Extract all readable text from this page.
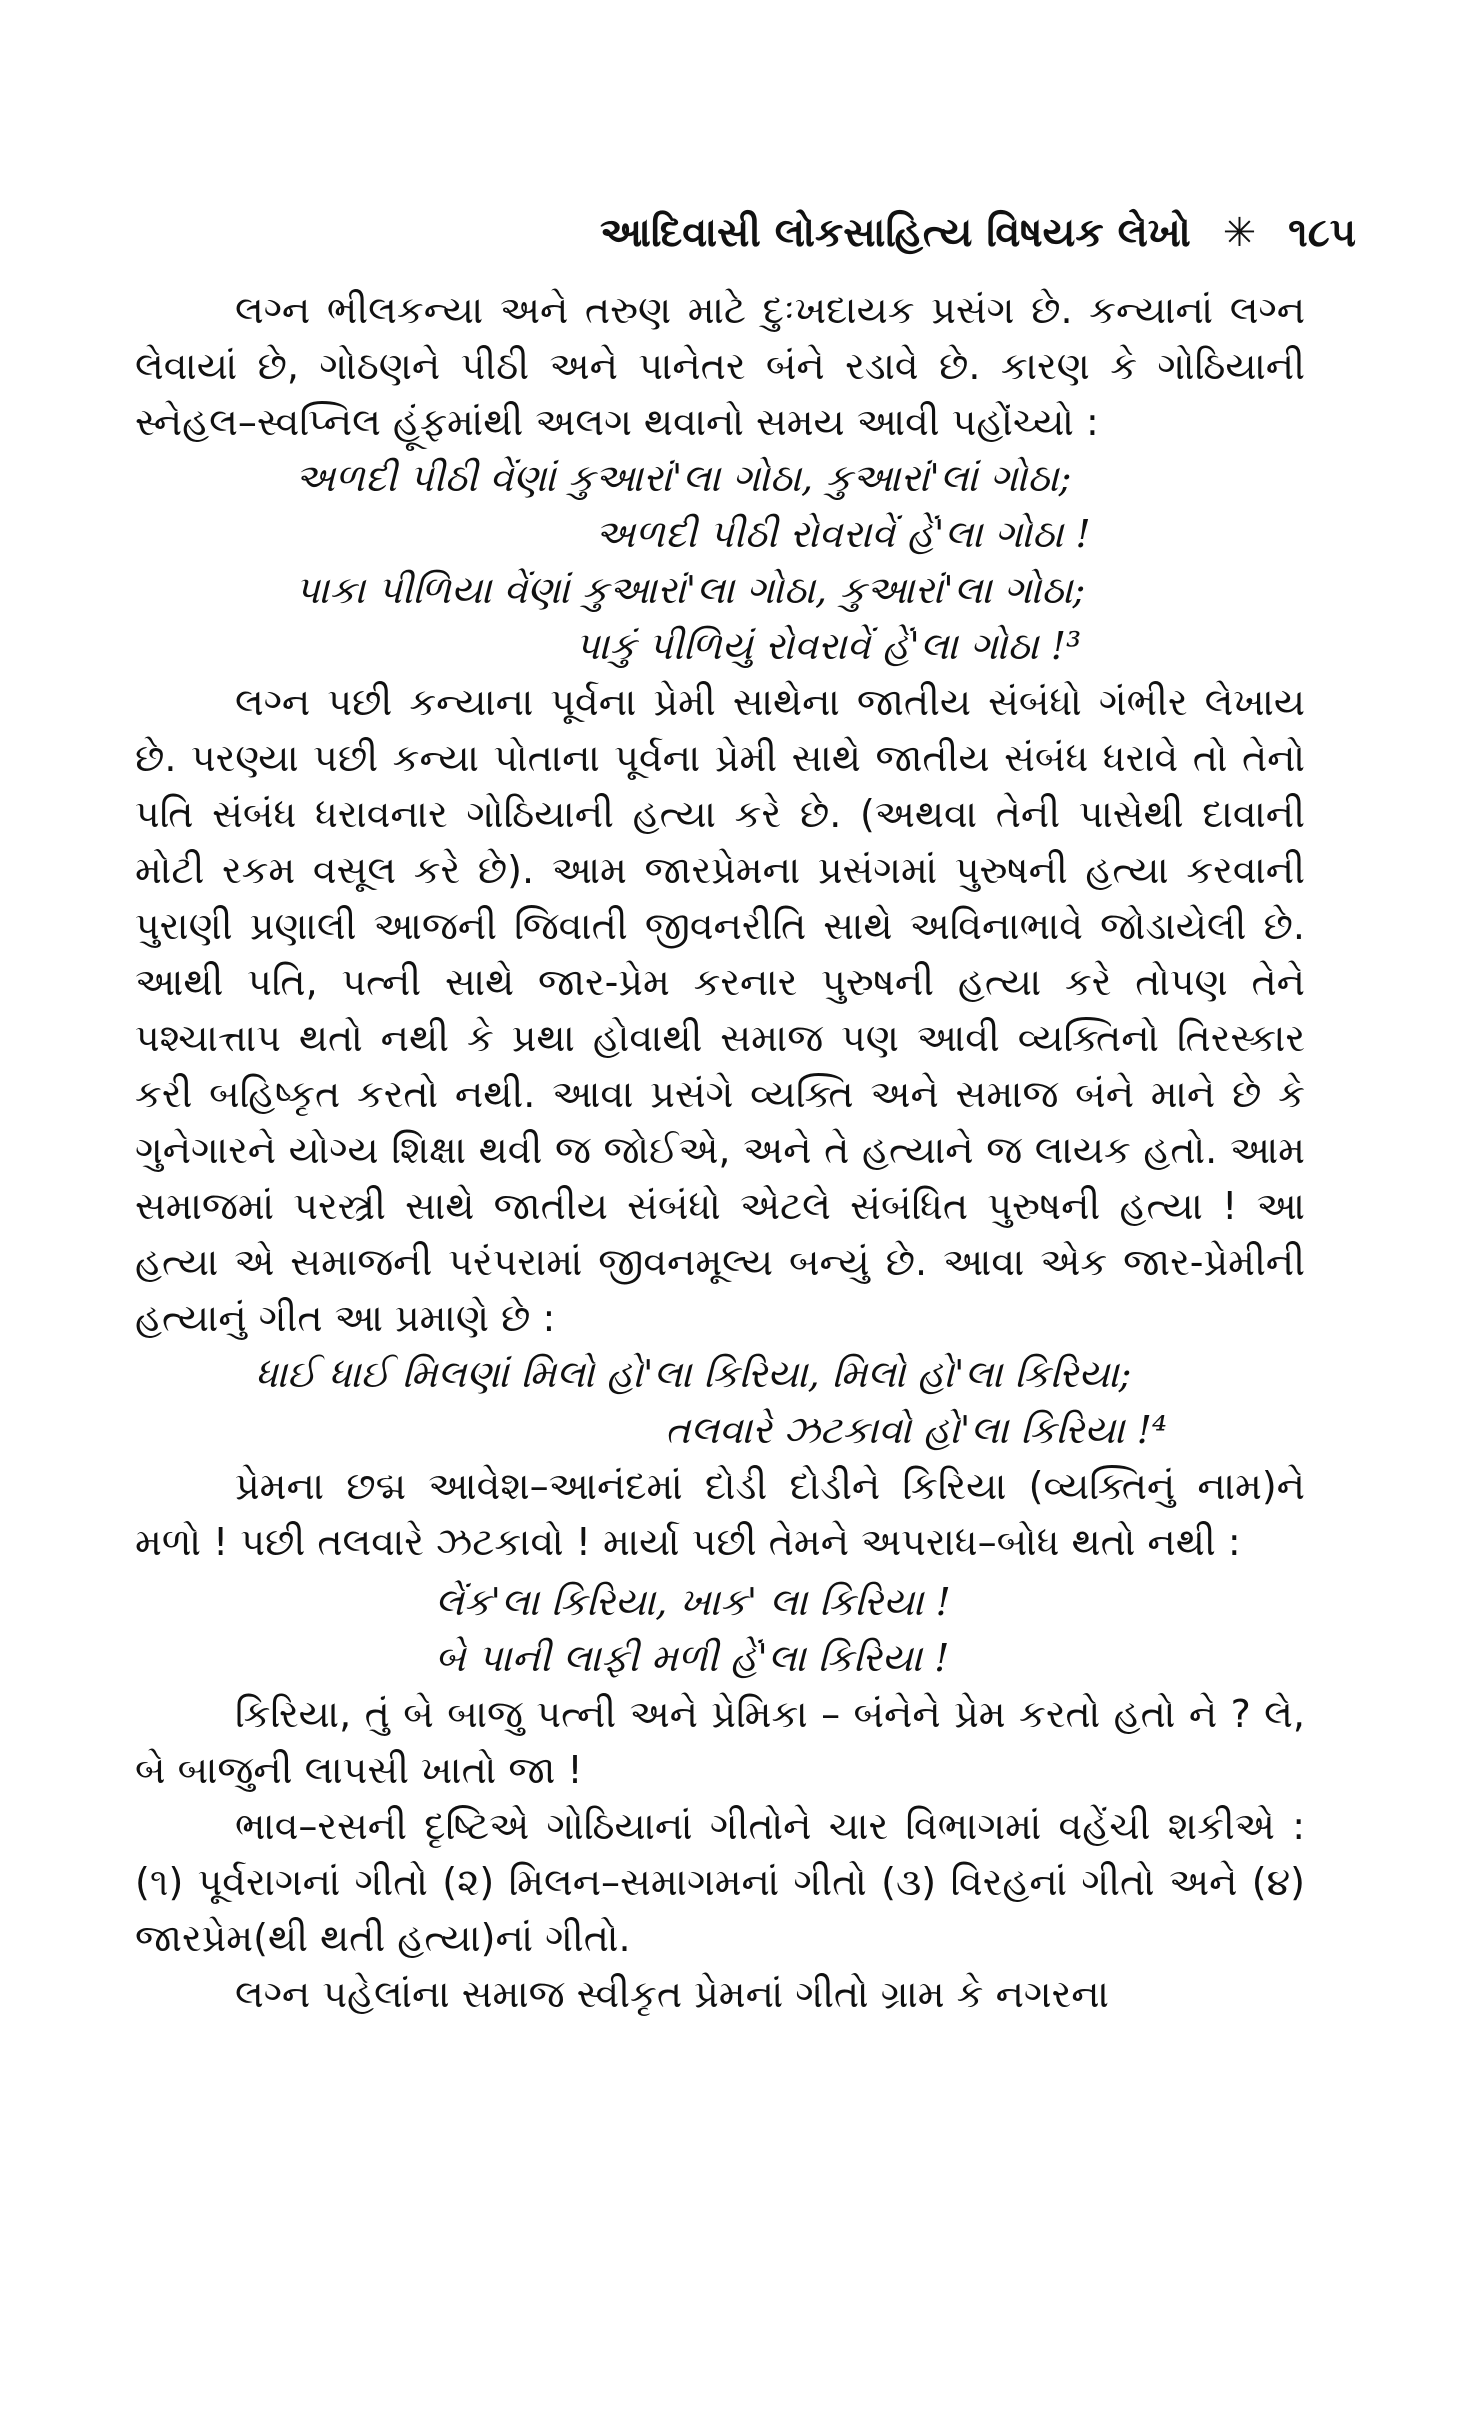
આદિવાસી લોકસાહિત્ય વિષયક લેખો ✳ ૧૮૫

લગ્ન ભીલકન્યા અને તરુણ માટે દુઃખદાયક પ્રસંગ છે. કન્યાનાં લગ્ન લેવાયાં છે, ગોઠણને પીઠી અને પાનેતર બંને રડાવે છે. કારણ કે ગોઠિયાની સ્નેહલ–સ્વપ્નિલ હૂંફમાંથી અલગ થવાનો સમય આવી પહોંચ્યો :

અળદી પીઠી વેંણાં કુઆરાં'લા ગોઠા, કુઆરાં'લાં ગોઠા;
અળદી પીઠી રોવરાવેં હેં'લા ગોઠા !
પાકા પીળિયા વેંણાં કુઆરાં'લા ગોઠા, કુઆરાં'લા ગોઠા;
પાકું પીળિયું રોવરાવેં હેં'લા ગોઠા !³

લગ્ન પછી કન્યાના પૂર્વના પ્રેમી સાથેના જાતીય સંબંધો ગંભીર લેખાય છે. પરણ્યા પછી કન્યા પોતાના પૂર્વના પ્રેમી સાથે જાતીય સંબંધ ધરાવે તો તેનો પતિ સંબંધ ધરાવનાર ગોઠિયાની હત્યા કરે છે. (અથવા તેની પાસેથી દાવાની મોટી રકમ વસૂલ કરે છે). આમ જારપ્રેમના પ્રસંગમાં પુરુષની હત્યા કરવાની પુરાણી પ્રણાલી આજની જિવાતી જીવનરીતિ સાથે અવિનાભાવે જોડાયેલી છે. આથી પતિ, પત્ની સાથે જાર-પ્રેમ કરનાર પુરુષની હત્યા કરે તોપણ તેને પશ્ચાત્તાપ થતો નથી કે પ્રથા હોવાથી સમાજ પણ આવી વ્યક્તિનો તિરસ્કાર કરી બહિષ્કૃત કરતો નથી. આવા પ્રસંગે વ્યક્તિ અને સમાજ બંને માને છે કે ગુનેગારને યોગ્ય શિક્ષા થવી જ જોઈએ, અને તે હત્યાને જ લાયક હતો. આમ સમાજમાં પરસ્ત્રી સાથે જાતીય સંબંધો એટલે સંબંધિત પુરુષની હત્યા ! આ હત્યા એ સમાજની પરંપરામાં જીવનમૂલ્ય બન્યું છે. આવા એક જાર-પ્રેમીની હત્યાનું ગીત આ પ્રમાણે છે :

ધાઈ ધાઈ મિલણાં મિલો હો'લા કિરિયા, મિલો હો'લા કિરિયા;
તલવારે ઝટકાવો હો'લા કિરિયા !⁴

પ્રેમના છદ્મ આવેશ–આનંદમાં દોડી દોડીને કિરિયા (વ્યક્તિનું નામ)ને મળો ! પછી તલવારે ઝટકાવો ! માર્યા પછી તેમને અપરાધ–બોધ થતો નથી :

લેંક'લા કિરિયા, ખાક' લા કિરિયા !
બે પાની લાફી મળી હેં'લા કિરિયા !

કિરિયા, તું બે બાજુ પત્ની અને પ્રેમિકા – બંનેને પ્રેમ કરતો હતો ને ? લે, બે બાજુની લાપસી ખાતો જા !

ભાવ–રસની દૃષ્ટિએ ગોઠિયાનાં ગીતોને ચાર વિભાગમાં વહેંચી શકીએ : (૧) પૂર્વરાગનાં ગીતો (૨) મિલન–સમાગમનાં ગીતો (૩) વિરહનાં ગીતો અને (૪) જારપ્રેમ(થી થતી હત્યા)નાં ગીતો.

લગ્ન પહેલાંના સમાજ સ્વીકૃત પ્રેમનાં ગીતો ગ્રામ કે નગરના
